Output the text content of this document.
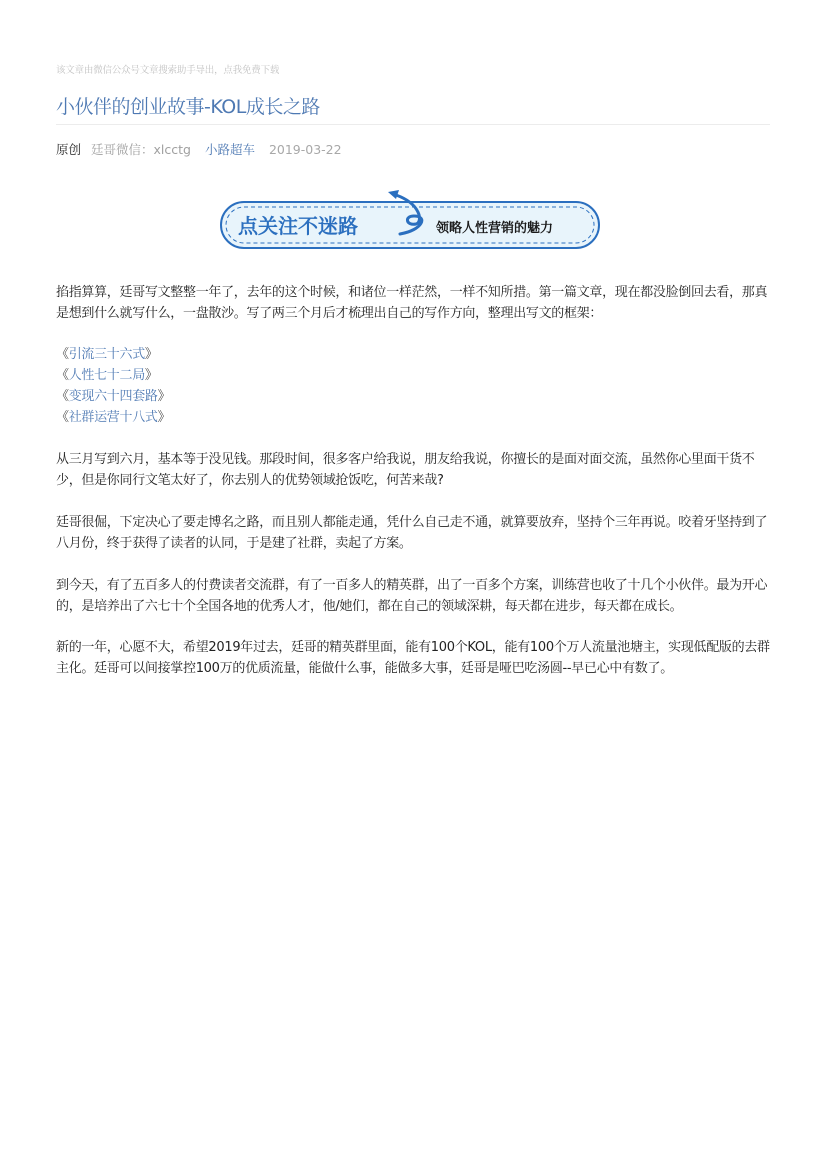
该文章由微信公众号文章搜索助手导出，点我免费下载
小伙伴的创业故事-KOL成长之路
原创 廷哥微信：xlcctg 小路超车 2019-03-22
点关注不迷路	领略人性营销的魅力

掐指算算，廷哥写文整整一年了，去年的这个时候，和诸位一样茫然，一样不知所措。第一篇文章，现在都没脸倒回去看，那真是想到什么就写什么，一盘散沙。写了两三个月后才梳理出自己的写作方向，整理出写文的框架：

《引流三十六式》
《人性七十二局》
《变现六十四套路》
《社群运营十八式》

从三月写到六月，基本等于没见钱。那段时间，很多客户给我说，朋友给我说，你擅长的是面对面交流，虽然你心里面干货不少，但是你同行文笔太好了，你去别人的优势领域抢饭吃，何苦来哉?

廷哥很倔，下定决心了要走博名之路，而且别人都能走通，凭什么自己走不通，就算要放弃，坚持个三年再说。咬着牙坚持到了八月份，终于获得了读者的认同，于是建了社群，卖起了方案。

到今天，有了五百多人的付费读者交流群，有了一百多人的精英群，出了一百多个方案，训练营也收了十几个小伙伴。最为开心的，是培养出了六七十个全国各地的优秀人才，他/她们，都在自己的领域深耕，每天都在进步，每天都在成长。

新的一年，心愿不大，希望2019年过去，廷哥的精英群里面，能有100个KOL，能有100个万人流量池塘主，实现低配版的去群主化。廷哥可以间接掌控100万的优质流量，能做什么事，能做多大事，廷哥是哑巴吃汤圆--早已心中有数了。
